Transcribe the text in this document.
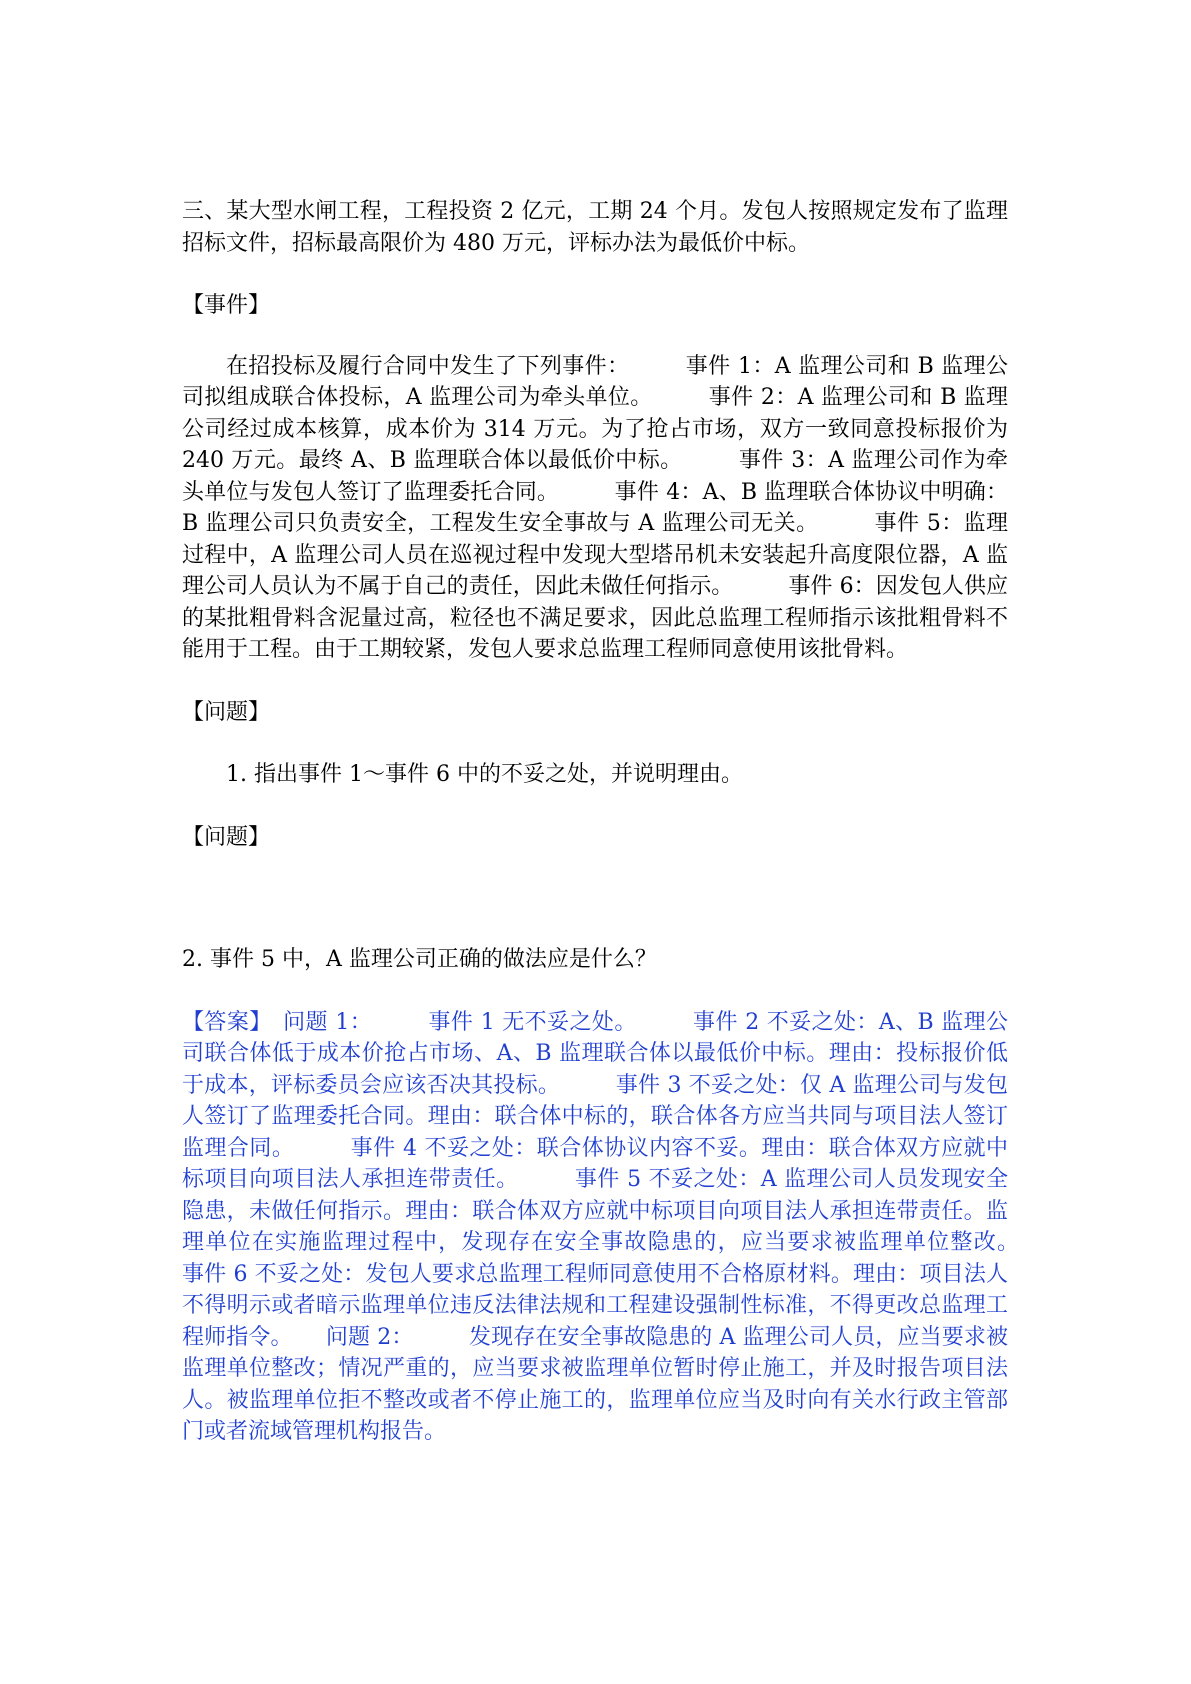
三、某大型水闸工程，工程投资 2 亿元，工期 24 个月。发包人按照规定发布了监理招标文件，招标最高限价为 480 万元，评标办法为最低价中标。

【事件】

在招投标及履行合同中发生了下列事件：　　　事件 1：A 监理公司和 B 监理公司拟组成联合体投标，A 监理公司为牵头单位。　　　事件 2：A 监理公司和 B 监理公司经过成本核算，成本价为 314 万元。为了抢占市场，双方一致同意投标报价为 240 万元。最终 A、B 监理联合体以最低价中标。　　　事件 3：A 监理公司作为牵头单位与发包人签订了监理委托合同。　　　事件 4：A、B 监理联合体协议中明确：B 监理公司只负责安全，工程发生安全事故与 A 监理公司无关。　　　事件 5：监理过程中，A 监理公司人员在巡视过程中发现大型塔吊机未安装起升高度限位器，A 监理公司人员认为不属于自己的责任，因此未做任何指示。　　　事件 6：因发包人供应的某批粗骨料含泥量过高，粒径也不满足要求，因此总监理工程师指示该批粗骨料不能用于工程。由于工期较紧，发包人要求总监理工程师同意使用该批骨料。

【问题】

1. 指出事件 1～事件 6 中的不妥之处，并说明理由。

【问题】

2. 事件 5 中，A 监理公司正确的做法应是什么？

【答案】　问题 1：　　　事件 1 无不妥之处。　　　事件 2 不妥之处：A、B 监理公司联合体低于成本价抢占市场、A、B 监理联合体以最低价中标。理由：投标报价低于成本，评标委员会应该否决其投标。　　　事件 3 不妥之处：仅 A 监理公司与发包人签订了监理委托合同。理由：联合体中标的，联合体各方应当共同与项目法人签订监理合同。　　　事件 4 不妥之处：联合体协议内容不妥。理由：联合体双方应就中标项目向项目法人承担连带责任。　　　事件 5 不妥之处：A 监理公司人员发现安全隐患，未做任何指示。理由：联合体双方应就中标项目向项目法人承担连带责任。监理单位在实施监理过程中，发现存在安全事故隐患的，应当要求被监理单位整改。　　　事件 6 不妥之处：发包人要求总监理工程师同意使用不合格原材料。理由：项目法人不得明示或者暗示监理单位违反法律法规和工程建设强制性标准，不得更改总监理工程师指令。　　问题 2：　　　发现存在安全事故隐患的 A 监理公司人员，应当要求被监理单位整改；情况严重的，应当要求被监理单位暂时停止施工，并及时报告项目法人。被监理单位拒不整改或者不停止施工的，监理单位应当及时向有关水行政主管部门或者流域管理机构报告。
